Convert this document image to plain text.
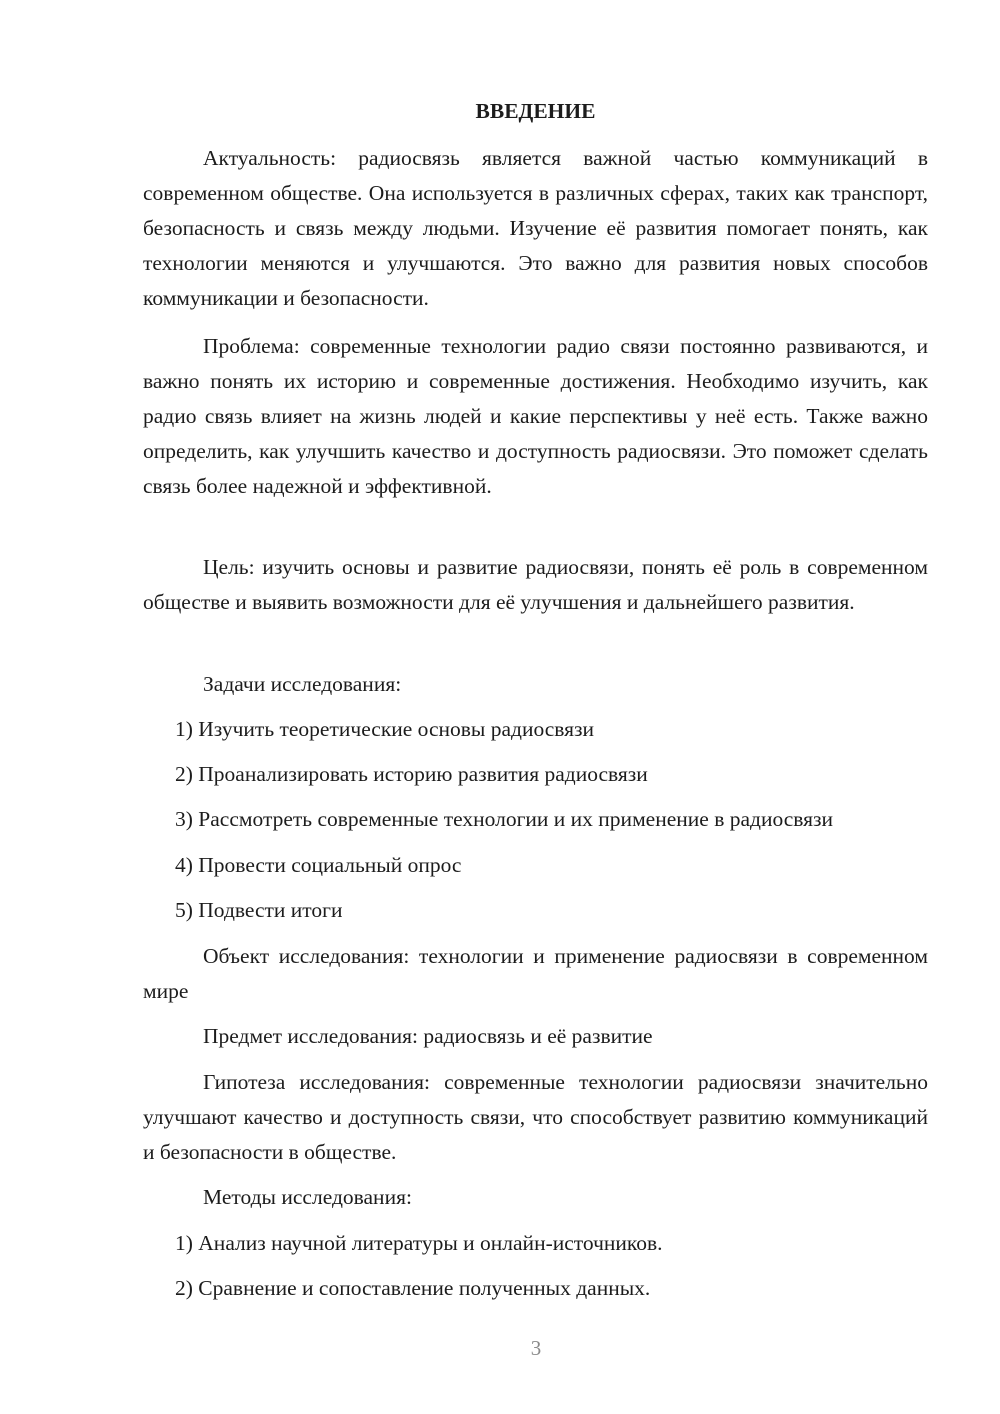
ВВЕДЕНИЕ

Актуальность: радиосвязь является важной частью коммуникаций в современном обществе. Она используется в различных сферах, таких как транспорт, безопасность и связь между людьми. Изучение её развития помогает понять, как технологии меняются и улучшаются. Это важно для развития новых способов коммуникации и безопасности.

Проблема: современные технологии радио связи постоянно развиваются, и важно понять их историю и современные достижения. Необходимо изучить, как радио связь влияет на жизнь людей и какие перспективы у неё есть. Также важно определить, как улучшить качество и доступность радиосвязи. Это поможет сделать связь более надежной и эффективной.

Цель: изучить основы и развитие радиосвязи, понять её роль в современном обществе и выявить возможности для её улучшения и дальнейшего развития.

Задачи исследования:

1) Изучить теоретические основы радиосвязи
2) Проанализировать историю развития радиосвязи
3) Рассмотреть современные технологии и их применение в радиосвязи
4) Провести социальный опрос
5) Подвести итоги

Объект исследования: технологии и применение радиосвязи в современном мире

Предмет исследования: радиосвязь и её развитие

Гипотеза исследования: современные технологии радиосвязи значительно улучшают качество и доступность связи, что способствует развитию коммуникаций и безопасности в обществе.

Методы исследования:

1) Анализ научной литературы и онлайн-источников.
2) Сравнение и сопоставление полученных данных.
3
